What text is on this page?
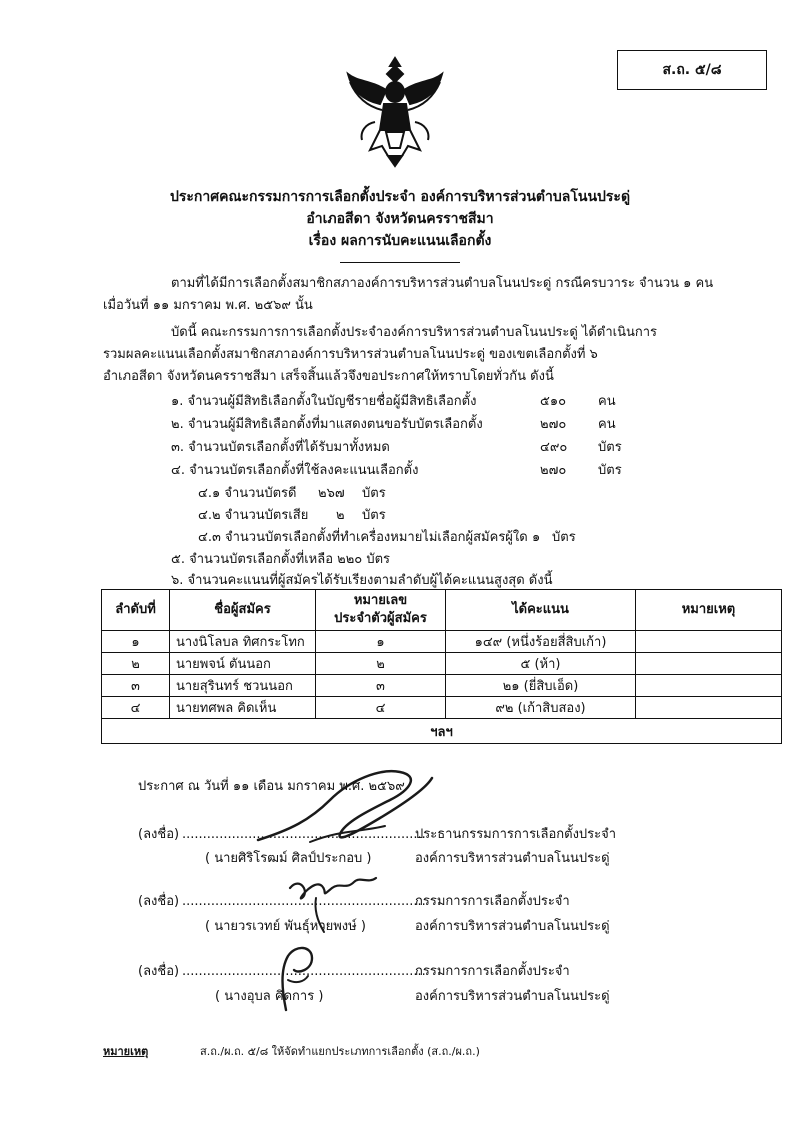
ส.ถ. ๕/๘
ประกาศคณะกรรมการการเลือกตั้งประจำ องค์การบริหารส่วนตำบลโนนประดู่
อำเภอสีดา จังหวัดนครราชสีมา
เรื่อง ผลการนับคะแนนเลือกตั้ง
ตามที่ได้มีการเลือกตั้งสมาชิกสภาองค์การบริหารส่วนตำบลโนนประดู่ กรณีครบวาระ จำนวน ๑ คน
เมื่อวันที่ ๑๑ มกราคม พ.ศ. ๒๕๖๙ นั้น
บัดนี้ คณะกรรมการการเลือกตั้งประจำองค์การบริหารส่วนตำบลโนนประดู่ ได้ดำเนินการ
รวมผลคะแนนเลือกตั้งสมาชิกสภาองค์การบริหารส่วนตำบลโนนประดู่ ของเขตเลือกตั้งที่ ๖
อำเภอสีดา จังหวัดนครราชสีมา เสร็จสิ้นแล้วจึงขอประกาศให้ทราบโดยทั่วกัน ดังนี้
๑. จำนวนผู้มีสิทธิเลือกตั้งในบัญชีรายชื่อผู้มีสิทธิเลือกตั้ง	๕๑๐ คน
๒. จำนวนผู้มีสิทธิเลือกตั้งที่มาแสดงตนขอรับบัตรเลือกตั้ง	๒๗๐ คน
๓. จำนวนบัตรเลือกตั้งที่ได้รับมาทั้งหมด	๔๙๐ บัตร
๔. จำนวนบัตรเลือกตั้งที่ใช้ลงคะแนนเลือกตั้ง	๒๗๐ บัตร
๔.๑ จำนวนบัตรดี ๒๖๗ บัตร
๔.๒ จำนวนบัตรเสีย ๒ บัตร
๔.๓ จำนวนบัตรเลือกตั้งที่ทำเครื่องหมายไม่เลือกผู้สมัครผู้ใด ๑ บัตร
๕. จำนวนบัตรเลือกตั้งที่เหลือ ๒๒๐ บัตร
๖. จำนวนคะแนนที่ผู้สมัครได้รับเรียงตามลำดับผู้ได้คะแนนสูงสุด ดังนี้
ลำดับที่	ชื่อผู้สมัคร	หมายเลข
ประจำตัวผู้สมัคร	ได้คะแนน	หมายเหตุ
๑	นางนิโลบล ทิศกระโทก	๑	๑๔๙ (หนึ่งร้อยสี่สิบเก้า)	
๒	นายพจน์ ตันนอก	๒	๕ (ห้า)	
๓	นายสุรินทร์ ชวนนอก	๓	๒๑ (ยี่สิบเอ็ด)	
๔	นายทศพล คิดเห็น	๔	๙๒ (เก้าสิบสอง)	
ฯลฯ				
ประกาศ ณ วันที่ ๑๑ เดือน มกราคม พ.ศ. ๒๕๖๙
(ลงชื่อ) ...........................................................
( นายศิริโรฒม์ ศิลป์ประกอบ )
ประธานกรรมการการเลือกตั้งประจำ
องค์การบริหารส่วนตำบลโนนประดู่
(ลงชื่อ) ...........................................................
( นายวรเวทย์ พันธุ์หวยพงษ์ )
กรรมการการเลือกตั้งประจำ
องค์การบริหารส่วนตำบลโนนประดู่
(ลงชื่อ) ...........................................................
( นางอุบล คิดการ )
กรรมการการเลือกตั้งประจำ
องค์การบริหารส่วนตำบลโนนประดู่
หมายเหตุ	ส.ถ./ผ.ถ. ๕/๘ ให้จัดทำแยกประเภทการเลือกตั้ง (ส.ถ./ผ.ถ.)
